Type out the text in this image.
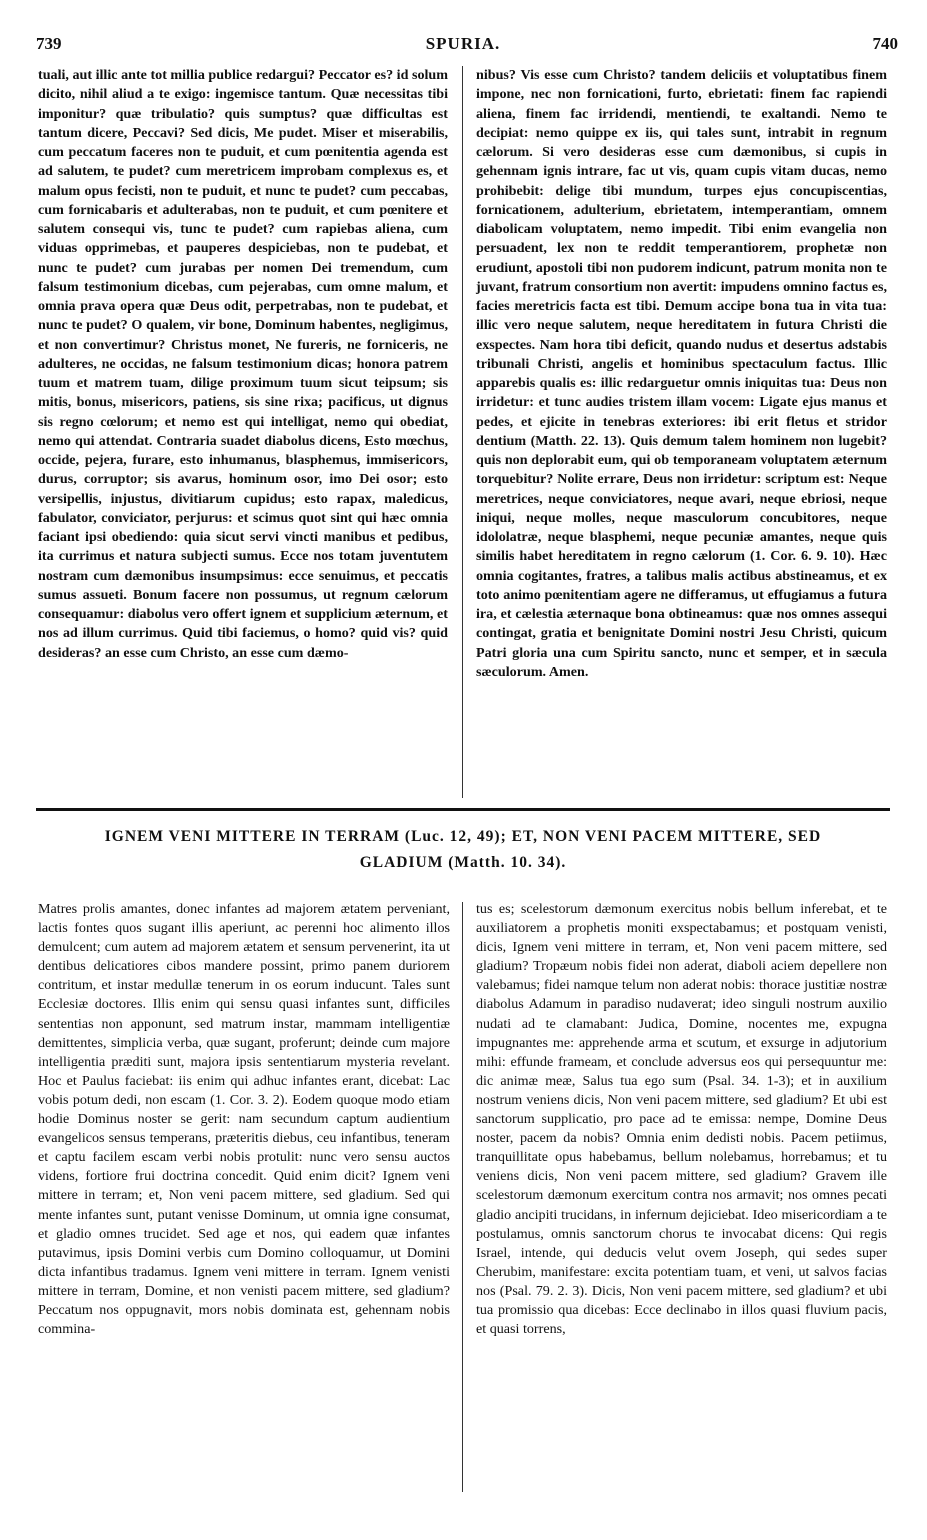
739	SPURIA.	740

tuali, aut illic ante tot millia publice redargui? Peccator es? id solum dicito, nihil aliud a te exigo: ingemisce tantum. Quæ necessitas tibi imponitur? quæ tribulatio? quis sumptus? quæ difficultas est tantum dicere, Peccavi? Sed dicis, Me pudet. Miser et miserabilis, cum peccatum faceres non te puduit, et cum pœnitentia agenda est ad salutem, te pudet? cum meretricem improbam complexus es, et malum opus fecisti, non te puduit, et nunc te pudet? cum peccabas, cum fornicabaris et adulterabas, non te puduit, et cum pœnitere et salutem consequi vis, tunc te pudet? cum rapiebas aliena, cum viduas opprimebas, et pauperes despiciebas, non te pudebat, et nunc te pudet? cum jurabas per nomen Dei tremendum, cum falsum testimonium dicebas, cum pejerabas, cum omne malum, et omnia prava opera quæ Deus odit, perpetrabas, non te pudebat, et nunc te pudet? O qualem, vir bone, Dominum habentes, negligimus, et non convertimur? Christus monet, Ne fureris, ne forniceris, ne adulteres, ne occidas, ne falsum testimonium dicas; honora patrem tuum et matrem tuam, dilige proximum tuum sicut teipsum; sis mitis, bonus, misericors, patiens, sis sine rixa; pacificus, ut dignus sis regno cœlorum; et nemo est qui intelligat, nemo qui obediat, nemo qui attendat. Contraria suadet diabolus dicens, Esto mœchus, occide, pejera, furare, esto inhumanus, blasphemus, immisericors, durus, corruptor; sis avarus, hominum osor, imo Dei osor; esto versipellis, injustus, divitiarum cupidus; esto rapax, maledicus, fabulator, conviciator, perjurus: et scimus quot sint qui hæc omnia faciant ipsi obediendo: quia sicut servi vincti manibus et pedibus, ita currimus et natura subjecti sumus. Ecce nos totam juventutem nostram cum dæmonibus insumpsimus: ecce senuimus, et peccatis sumus assueti. Bonum facere non possumus, ut regnum cælorum consequamur: diabolus vero offert ignem et supplicium æternum, et nos ad illum currimus. Quid tibi faciemus, o homo? quid vis? quid desideras? an esse cum Christo, an esse cum dæmo-

nibus? Vis esse cum Christo? tandem deliciis et voluptatibus finem impone, nec non fornicationi, furto, ebrietati: finem fac rapiendi aliena, finem fac irridendi, mentiendi, te exaltandi. Nemo te decipiat: nemo quippe ex iis, qui tales sunt, intrabit in regnum cælorum. Si vero desideras esse cum dæmonibus, si cupis in gehennam ignis intrare, fac ut vis, quam cupis vitam ducas, nemo prohibebit: delige tibi mundum, turpes ejus concupiscentias, fornicationem, adulterium, ebrietatem, intemperantiam, omnem diabolicam voluptatem, nemo impedit. Tibi enim evangelia non persuadent, lex non te reddit temperantiorem, prophetæ non erudiunt, apostoli tibi non pudorem indicunt, patrum monita non te juvant, fratrum consortium non avertit: impudens omnino factus es, facies meretricis facta est tibi. Demum accipe bona tua in vita tua: illic vero neque salutem, neque hereditatem in futura Christi die exspectes. Nam hora tibi deficit, quando nudus et desertus adstabis tribunali Christi, angelis et hominibus spectaculum factus. Illic apparebis qualis es: illic redarguetur omnis iniquitas tua: Deus non irridetur: et tunc audies tristem illam vocem: Ligate ejus manus et pedes, et ejicite in tenebras exteriores: ibi erit fletus et stridor dentium (Matth. 22. 13). Quis demum talem hominem non lugebit? quis non deplorabit eum, qui ob temporaneam voluptatem æternum torquebitur? Nolite errare, Deus non irridetur: scriptum est: Neque meretrices, neque conviciatores, neque avari, neque ebriosi, neque iniqui, neque molles, neque masculorum concubitores, neque idololatræ, neque blasphemi, neque pecuniæ amantes, neque quis similis habet hereditatem in regno cælorum (1. Cor. 6. 9. 10). Hæc omnia cogitantes, fratres, a talibus malis actibus abstineamus, et ex toto animo pœnitentiam agere ne differamus, ut effugiamus a futura ira, et cælestia æternaque bona obtineamus: quæ nos omnes assequi contingat, gratia et benignitate Domini nostri Jesu Christi, quicum Patri gloria una cum Spiritu sancto, nunc et semper, et in sæcula sæculorum. Amen.

IGNEM VENI MITTERE IN TERRAM (Luc. 12, 49); ET, NON VENI PACEM MITTERE, SED
GLADIUM (Matth. 10. 34).

Matres prolis amantes, donec infantes ad majorem ætatem perveniant, lactis fontes quos sugant illis aperiunt, ac perenni hoc alimento illos demulcent; cum autem ad majorem ætatem et sensum pervenerint, ita ut dentibus delicatiores cibos mandere possint, primo panem duriorem contritum, et instar medullæ tenerum in os eorum inducunt. Tales sunt Ecclesiæ doctores. Illis enim qui sensu quasi infantes sunt, difficiles sententias non apponunt, sed matrum instar, mammam intelligentiæ demittentes, simplicia verba, quæ sugant, proferunt; deinde cum majore intelligentia præditi sunt, majora ipsis sententiarum mysteria revelant. Hoc et Paulus faciebat: iis enim qui adhuc infantes erant, dicebat: Lac vobis potum dedi, non escam (1. Cor. 3. 2). Eodem quoque modo etiam hodie Dominus noster se gerit: nam secundum captum audientium evangelicos sensus temperans, præteritis diebus, ceu infantibus, teneram et captu facilem escam verbi nobis protulit: nunc vero sensu auctos videns, fortiore frui doctrina concedit. Quid enim dicit? Ignem veni mittere in terram; et, Non veni pacem mittere, sed gladium. Sed qui mente infantes sunt, putant venisse Dominum, ut omnia igne consumat, et gladio omnes trucidet. Sed age et nos, qui eadem quæ infantes putavimus, ipsis Domini verbis cum Domino colloquamur, ut Domini dicta infantibus tradamus. Ignem veni mittere in terram. Ignem venisti mittere in terram, Domine, et non venisti pacem mittere, sed gladium? Peccatum nos oppugnavit, mors nobis dominata est, gehennam nobis commina-

tus es; scelestorum dæmonum exercitus nobis bellum inferebat, et te auxiliatorem a prophetis moniti exspectabamus; et postquam venisti, dicis, Ignem veni mittere in terram, et, Non veni pacem mittere, sed gladium? Tropæum nobis fidei non aderat, diaboli aciem depellere non valebamus; fidei namque telum non aderat nobis: thorace justitiæ nostræ diabolus Adamum in paradiso nudaverat; ideo singuli nostrum auxilio nudati ad te clamabant: Judica, Domine, nocentes me, expugna impugnantes me: apprehende arma et scutum, et exsurge in adjutorium mihi: effunde frameam, et conclude adversus eos qui persequuntur me: dic animæ meæ, Salus tua ego sum (Psal. 34. 1-3); et in auxilium nostrum veniens dicis, Non veni pacem mittere, sed gladium? Et ubi est sanctorum supplicatio, pro pace ad te emissa: nempe, Domine Deus noster, pacem da nobis? Omnia enim dedisti nobis. Pacem petiimus, tranquillitate opus habebamus, bellum nolebamus, horrebamus; et tu veniens dicis, Non veni pacem mittere, sed gladium? Gravem ille scelestorum dæmonum exercitum contra nos armavit; nos omnes pecati gladio ancipiti trucidans, in infernum dejiciebat. Ideo misericordiam a te postulamus, omnis sanctorum chorus te invocabat dicens: Qui regis Israel, intende, qui deducis velut ovem Joseph, qui sedes super Cherubim, manifestare: excita potentiam tuam, et veni, ut salvos facias nos (Psal. 79. 2. 3). Dicis, Non veni pacem mittere, sed gladium? et ubi tua promissio qua dicebas: Ecce declinabo in illos quasi fluvium pacis, et quasi torrens,
